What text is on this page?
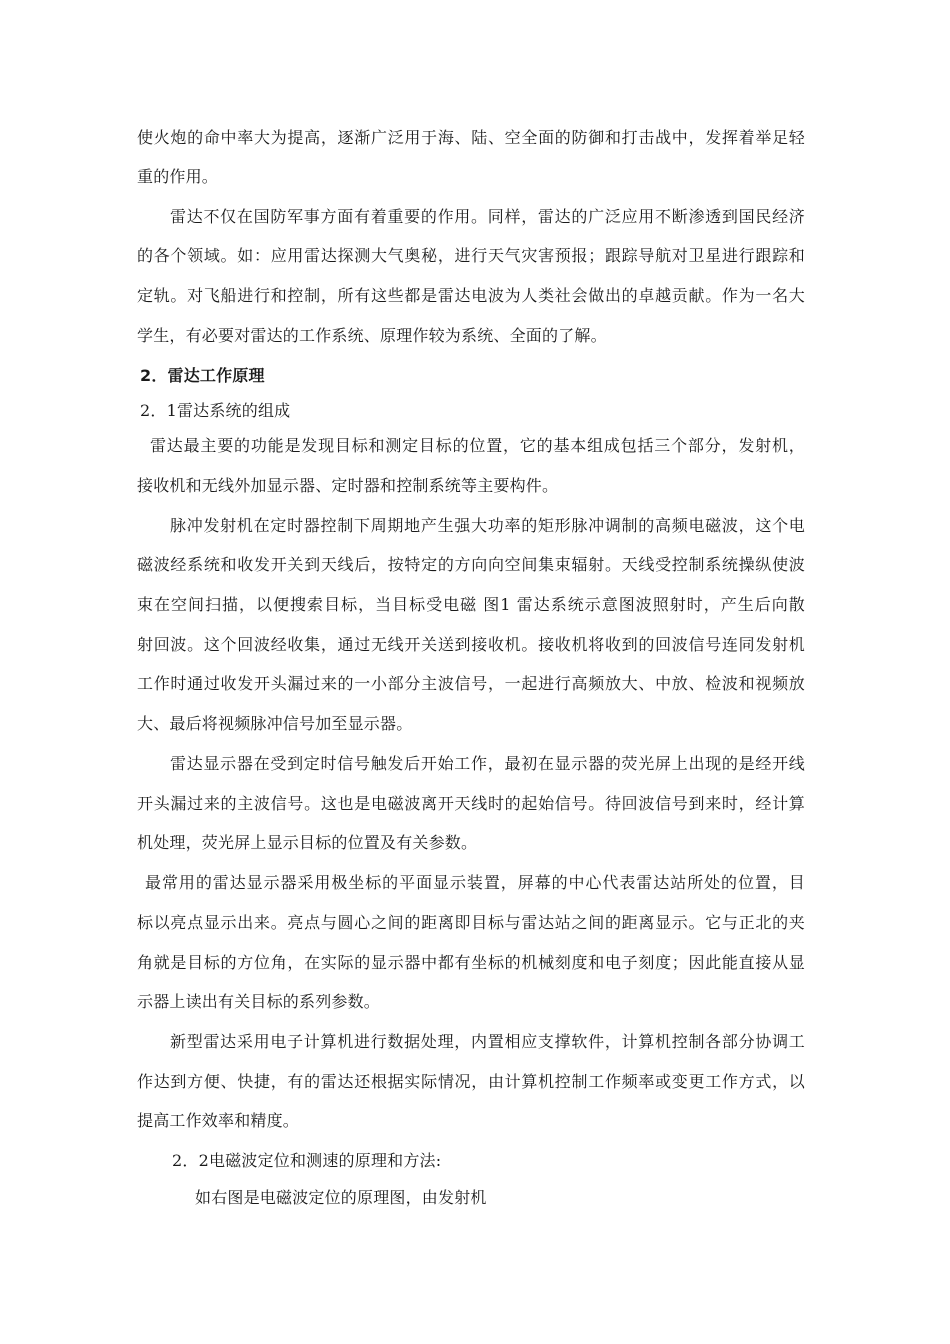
使火炮的命中率大为提高，逐渐广泛用于海、陆、空全面的防御和打击战中，发挥着举足轻
重的作用。
雷达不仅在国防军事方面有着重要的作用。同样，雷达的广泛应用不断渗透到国民经济
的各个领域。如：应用雷达探测大气奥秘，进行天气灾害预报；跟踪导航对卫星进行跟踪和
定轨。对飞船进行和控制，所有这些都是雷达电波为人类社会做出的卓越贡献。作为一名大
学生，有必要对雷达的工作系统、原理作较为系统、全面的了解。
2．雷达工作原理
2．1雷达系统的组成
雷达最主要的功能是发现目标和测定目标的位置，它的基本组成包括三个部分，发射机，
接收机和无线外加显示器、定时器和控制系统等主要构件。
脉冲发射机在定时器控制下周期地产生强大功率的矩形脉冲调制的高频电磁波，这个电
磁波经系统和收发开关到天线后，按特定的方向向空间集束辐射。天线受控制系统操纵使波
束在空间扫描，以便搜索目标，当目标受电磁 图1 雷达系统示意图波照射时，产生后向散
射回波。这个回波经收集，通过无线开关送到接收机。接收机将收到的回波信号连同发射机
工作时通过收发开头漏过来的一小部分主波信号，一起进行高频放大、中放、检波和视频放
大、最后将视频脉冲信号加至显示器。
雷达显示器在受到定时信号触发后开始工作，最初在显示器的荧光屏上出现的是经开线
开头漏过来的主波信号。这也是电磁波离开天线时的起始信号。待回波信号到来时，经计算
机处理，荧光屏上显示目标的位置及有关参数。
最常用的雷达显示器采用极坐标的平面显示装置，屏幕的中心代表雷达站所处的位置，目
标以亮点显示出来。亮点与圆心之间的距离即目标与雷达站之间的距离显示。它与正北的夹
角就是目标的方位角，在实际的显示器中都有坐标的机械刻度和电子刻度；因此能直接从显
示器上读出有关目标的系列参数。
新型雷达采用电子计算机进行数据处理，内置相应支撑软件，计算机控制各部分协调工
作达到方便、快捷，有的雷达还根据实际情况，由计算机控制工作频率或变更工作方式，以
提高工作效率和精度。
2．2电磁波定位和测速的原理和方法:
如右图是电磁波定位的原理图，由发射机
